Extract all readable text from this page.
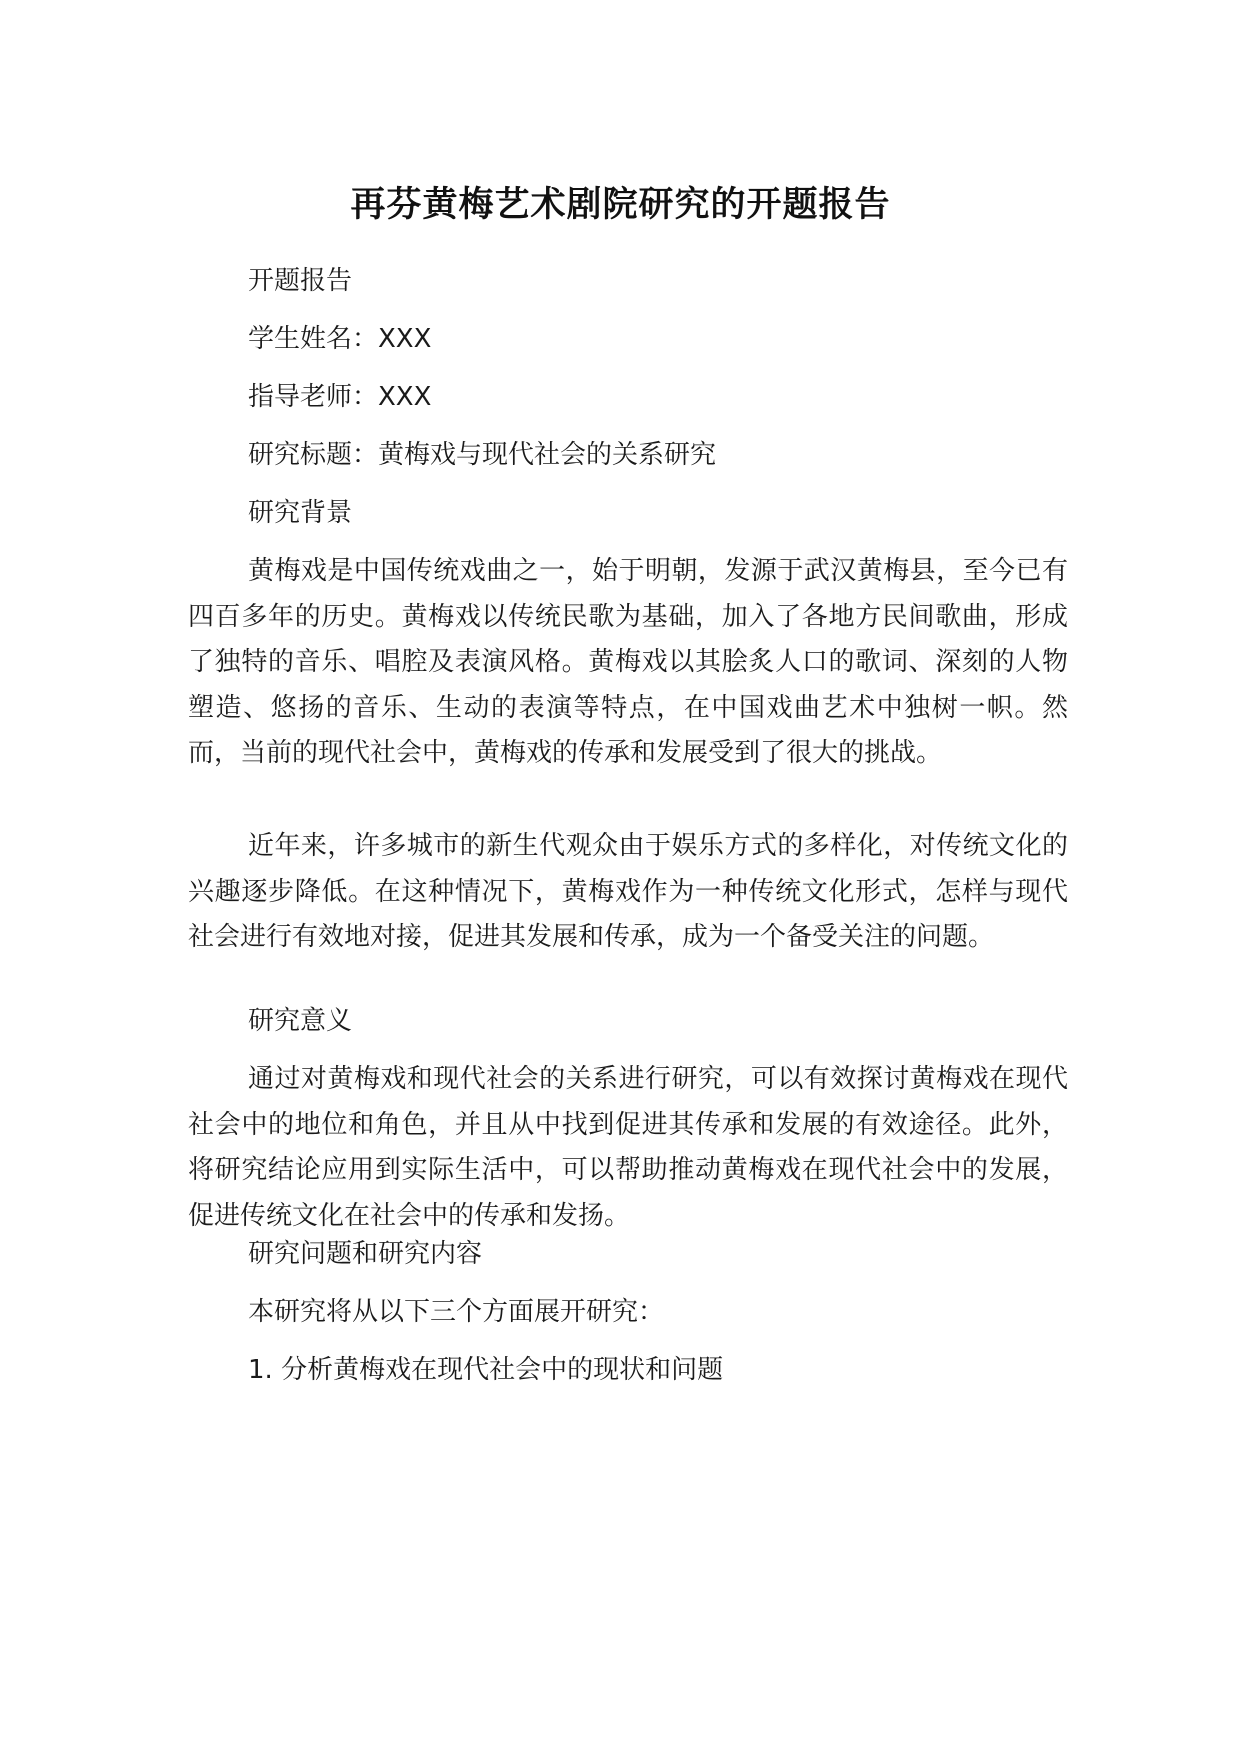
再芬黄梅艺术剧院研究的开题报告
开题报告
学生姓名：XXX
指导老师：XXX
研究标题：黄梅戏与现代社会的关系研究
研究背景

黄梅戏是中国传统戏曲之一，始于明朝，发源于武汉黄梅县，至今已有四百多年的历史。黄梅戏以传统民歌为基础，加入了各地方民间歌曲，形成了独特的音乐、唱腔及表演风格。黄梅戏以其脍炙人口的歌词、深刻的人物塑造、悠扬的音乐、生动的表演等特点，在中国戏曲艺术中独树一帜。然而，当前的现代社会中，黄梅戏的传承和发展受到了很大的挑战。

近年来，许多城市的新生代观众由于娱乐方式的多样化，对传统文化的兴趣逐步降低。在这种情况下，黄梅戏作为一种传统文化形式，怎样与现代社会进行有效地对接，促进其发展和传承，成为一个备受关注的问题。

研究意义

通过对黄梅戏和现代社会的关系进行研究，可以有效探讨黄梅戏在现代社会中的地位和角色，并且从中找到促进其传承和发展的有效途径。此外，将研究结论应用到实际生活中，可以帮助推动黄梅戏在现代社会中的发展，促进传统文化在社会中的传承和发扬。

研究问题和研究内容
本研究将从以下三个方面展开研究：
1. 分析黄梅戏在现代社会中的现状和问题
